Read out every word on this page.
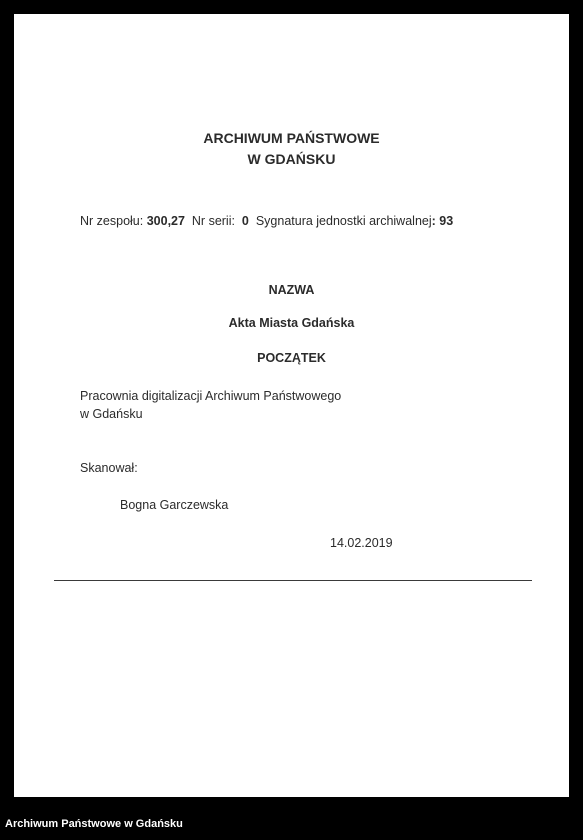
ARCHIWUM PAŃSTWOWE
W GDAŃSKU
Nr zespołu: 300,27 Nr serii: 0 Sygnatura jednostki archiwalnej: 93
NAZWA
Akta Miasta Gdańska
POCZĄTEK
Pracownia digitalizacji Archiwum Państwowego
w Gdańsku
Skanował:
Bogna Garczewska
14.02.2019
Archiwum Państwowe w Gdańsku
